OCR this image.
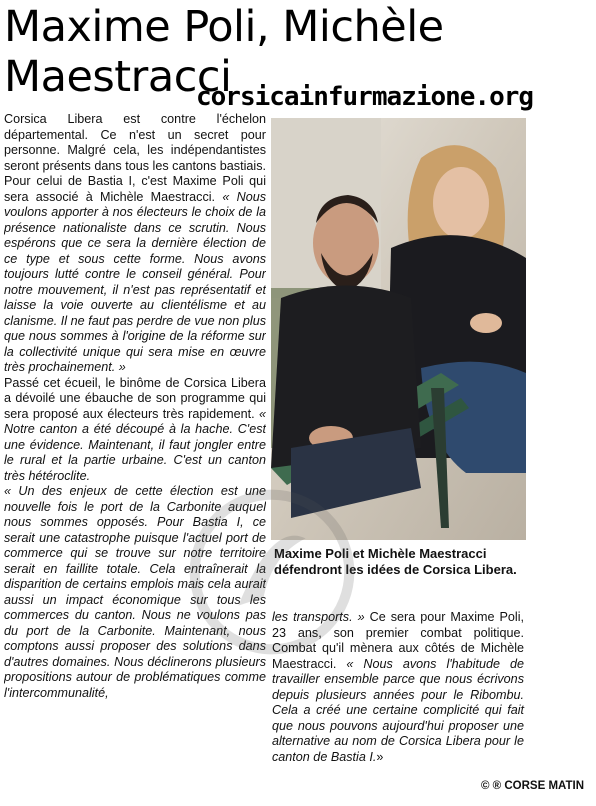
Maxime Poli, Michèle Maestracci
corsicainfurmazione.org

Corsica Libera est contre l'échelon départemental. Ce n'est un secret pour personne. Malgré cela, les indépendantistes seront présents dans tous les cantons bastiais. Pour celui de Bastia I, c'est Maxime Poli qui sera associé à Michèle Maestracci. « Nous voulons apporter à nos électeurs le choix de la présence nationaliste dans ce scrutin. Nous espérons que ce sera la dernière élection de ce type et sous cette forme. Nous avons toujours lutté contre le conseil général. Pour notre mouvement, il n'est pas représentatif et laisse la voie ouverte au clientélisme et au clanisme. Il ne faut pas perdre de vue non plus que nous sommes à l'origine de la réforme sur la collectivité unique qui sera mise en œuvre très prochainement. »

Passé cet écueil, le binôme de Corsica Libera a dévoilé une ébauche de son programme qui sera proposé aux électeurs très rapidement. « Notre canton a été découpé à la hache. C'est une évidence. Maintenant, il faut jongler entre le rural et la partie urbaine. C'est un canton très hétéroclite.

« Un des enjeux de cette élection est une nouvelle fois le port de la Carbonite auquel nous sommes opposés. Pour Bastia I, ce serait une catastrophe puisque l'actuel port de commerce qui se trouve sur notre territoire serait en faillite totale. Cela entraînerait la disparition de certains emplois mais cela aurait aussi un impact économique sur tous les commerces du canton. Nous ne voulons pas du port de la Carbonite. Maintenant, nous comptons aussi proposer des solutions dans d'autres domaines. Nous déclinerons plusieurs propositions autour de problématiques comme l'intercommunalité,

Maxime Poli et Michèle Maestracci défendront les idées de Corsica Libera.

les transports. » Ce sera pour Maxime Poli, 23 ans, son premier combat politique. Combat qu'il mènera aux côtés de Michèle Maestracci. « Nous avons l'habitude de travailler ensemble parce que nous écrivons depuis plusieurs années pour le Ribombu. Cela a créé une certaine complicité qui fait que nous pouvons aujourd'hui proposer une alternative au nom de Corsica Libera pour le canton de Bastia I.»

© ® CORSE MATIN
